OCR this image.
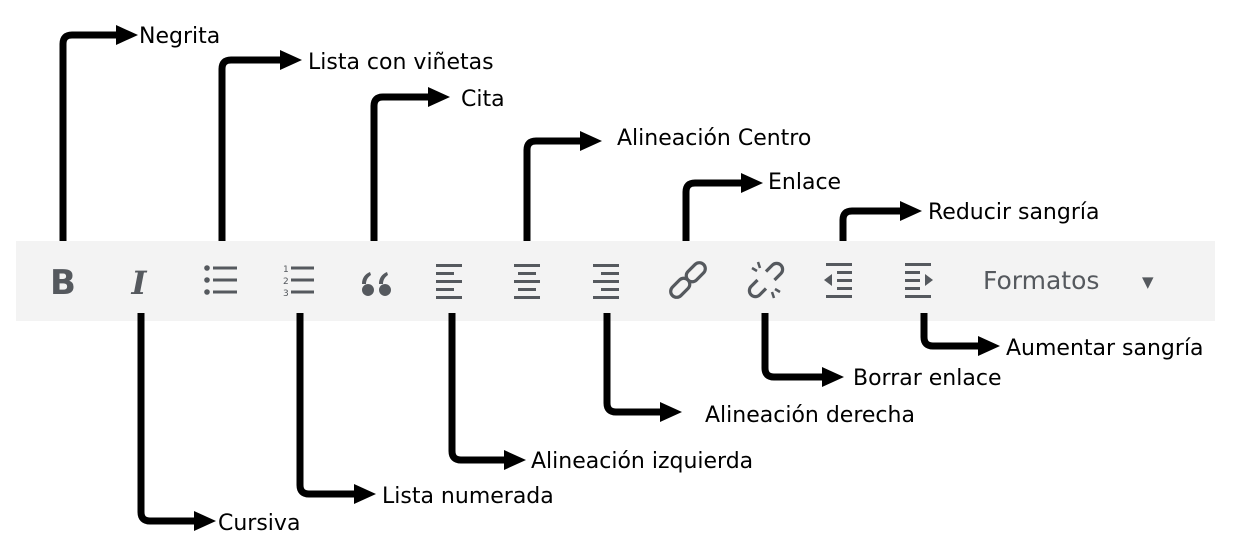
B I	1
2
3	Formatos	▼
Negrita
Lista con viñetas
Cita
Alineación Centro
Enlace
Reducir sangría
Cursiva
Lista numerada
Alineación izquierda
Alineación derecha
Borrar enlace
Aumentar sangría
